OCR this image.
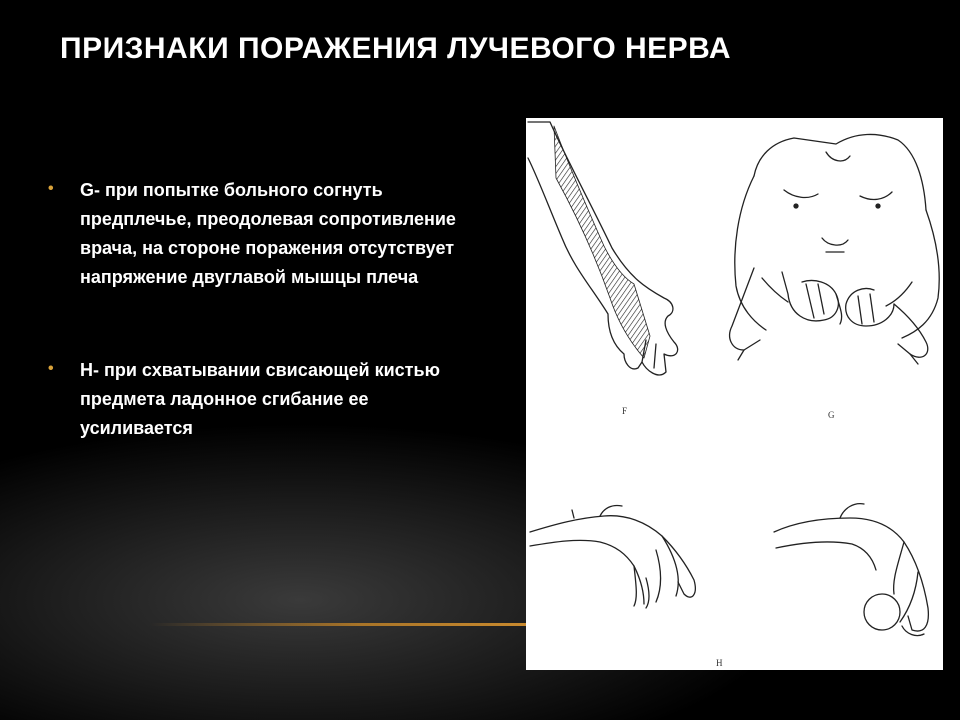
ПРИЗНАКИ ПОРАЖЕНИЯ ЛУЧЕВОГО НЕРВА
• G- при попытке больного согнуть предплечье, преодолевая сопротивление врача, на стороне поражения отсутствует напряжение двуглавой мышцы плеча
• H- при схватывании свисающей кистью предмета ладонное сгибание ее усиливается
F	G
H
